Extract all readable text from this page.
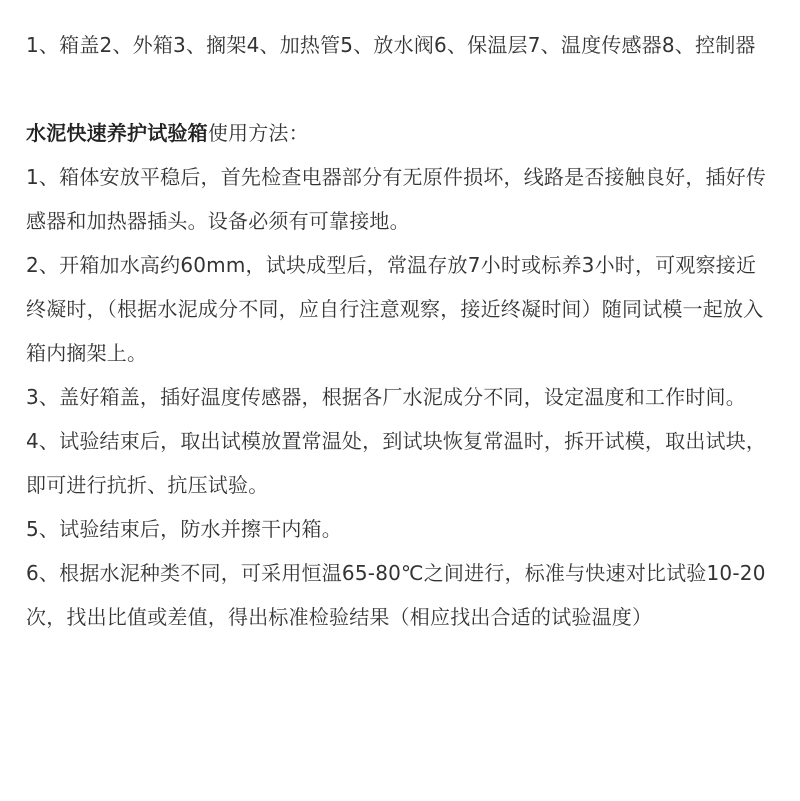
1、箱盖2、外箱3、搁架4、加热管5、放水阀6、保温层7、温度传感器8、控制器

水泥快速养护试验箱使用方法：

1、箱体安放平稳后，首先检查电器部分有无原件损坏，线路是否接触良好，插好传感器和加热器插头。设备必须有可靠接地。

2、开箱加水高约60mm，试块成型后，常温存放7小时或标养3小时，可观察接近终凝时，（根据水泥成分不同，应自行注意观察，接近终凝时间）随同试模一起放入箱内搁架上。

3、盖好箱盖，插好温度传感器，根据各厂水泥成分不同，设定温度和工作时间。

4、试验结束后，取出试模放置常温处，到试块恢复常温时，拆开试模，取出试块，即可进行抗折、抗压试验。

5、试验结束后，防水并擦干内箱。

6、根据水泥种类不同，可采用恒温65-80℃之间进行，标准与快速对比试验10-20次，找出比值或差值，得出标准检验结果（相应找出合适的试验温度）
